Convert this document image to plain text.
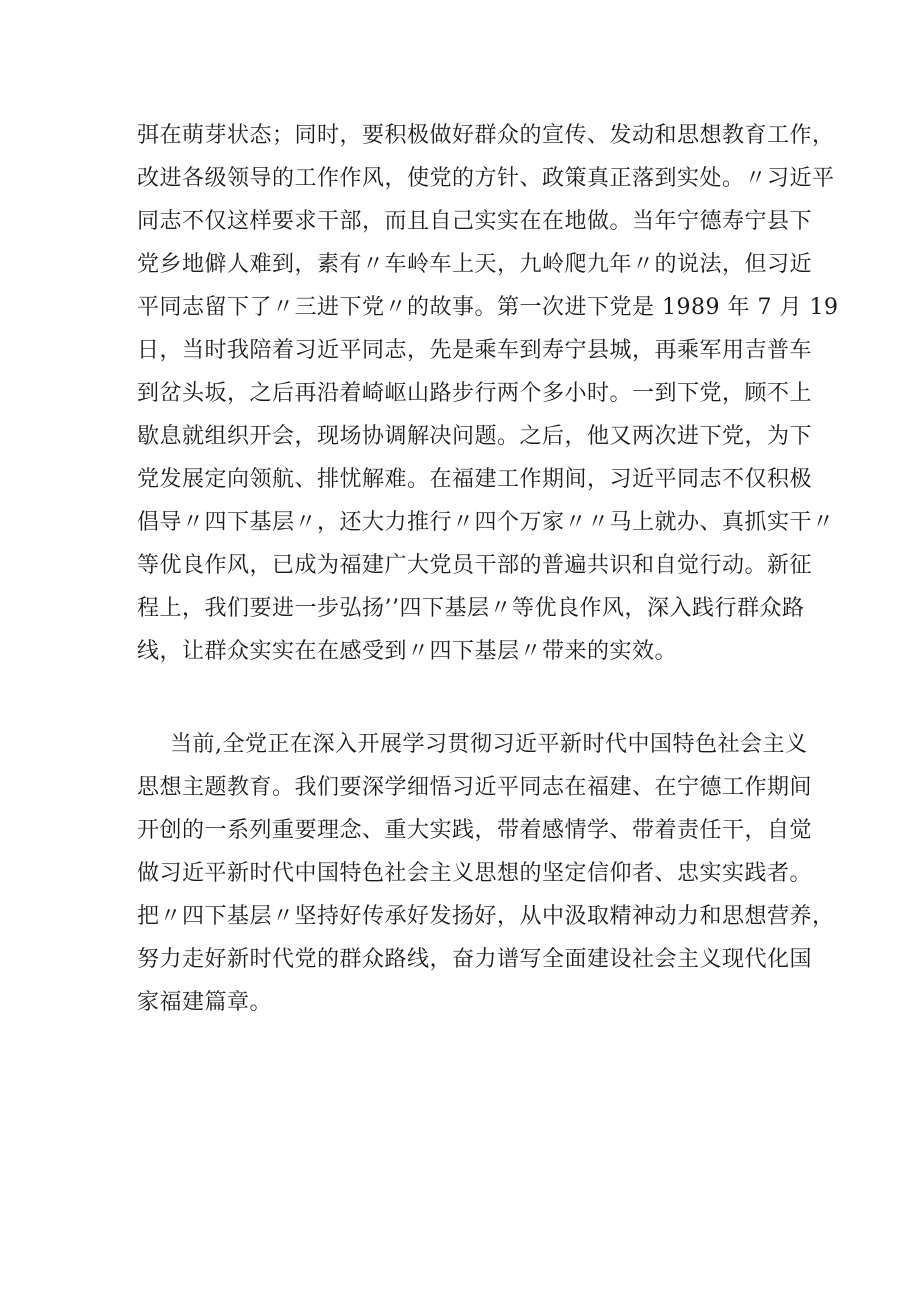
弭在萌芽状态；同时，要积极做好群众的宣传、发动和思想教育工作，
改进各级领导的工作作风，使党的方针、政策真正落到实处。〃习近平
同志不仅这样要求干部，而且自己实实在在地做。当年宁德寿宁县下
党乡地僻人难到，素有〃车岭车上天，九岭爬九年〃的说法，但习近
平同志留下了〃三进下党〃的故事。第一次进下党是 1989 年 7 月 19
日，当时我陪着习近平同志，先是乘车到寿宁县城，再乘军用吉普车
到岔头坂，之后再沿着崎岖山路步行两个多小时。一到下党，顾不上
歇息就组织开会，现场协调解决问题。之后，他又两次进下党，为下
党发展定向领航、排忧解难。在福建工作期间，习近平同志不仅积极
倡导〃四下基层〃，还大力推行〃四个万家〃〃马上就办、真抓实干〃
等优良作风，已成为福建广大党员干部的普遍共识和自觉行动。新征
程上，我们要进一步弘扬’’四下基层〃等优良作风，深入践行群众路
线，让群众实实在在感受到〃四下基层〃带来的实效。
当前,全党正在深入开展学习贯彻习近平新时代中国特色社会主义
思想主题教育。我们要深学细悟习近平同志在福建、在宁德工作期间
开创的一系列重要理念、重大实践，带着感情学、带着责任干，自觉
做习近平新时代中国特色社会主义思想的坚定信仰者、忠实实践者。
把〃四下基层〃坚持好传承好发扬好，从中汲取精神动力和思想营养，
努力走好新时代党的群众路线，奋力谱写全面建设社会主义现代化国
家福建篇章。
